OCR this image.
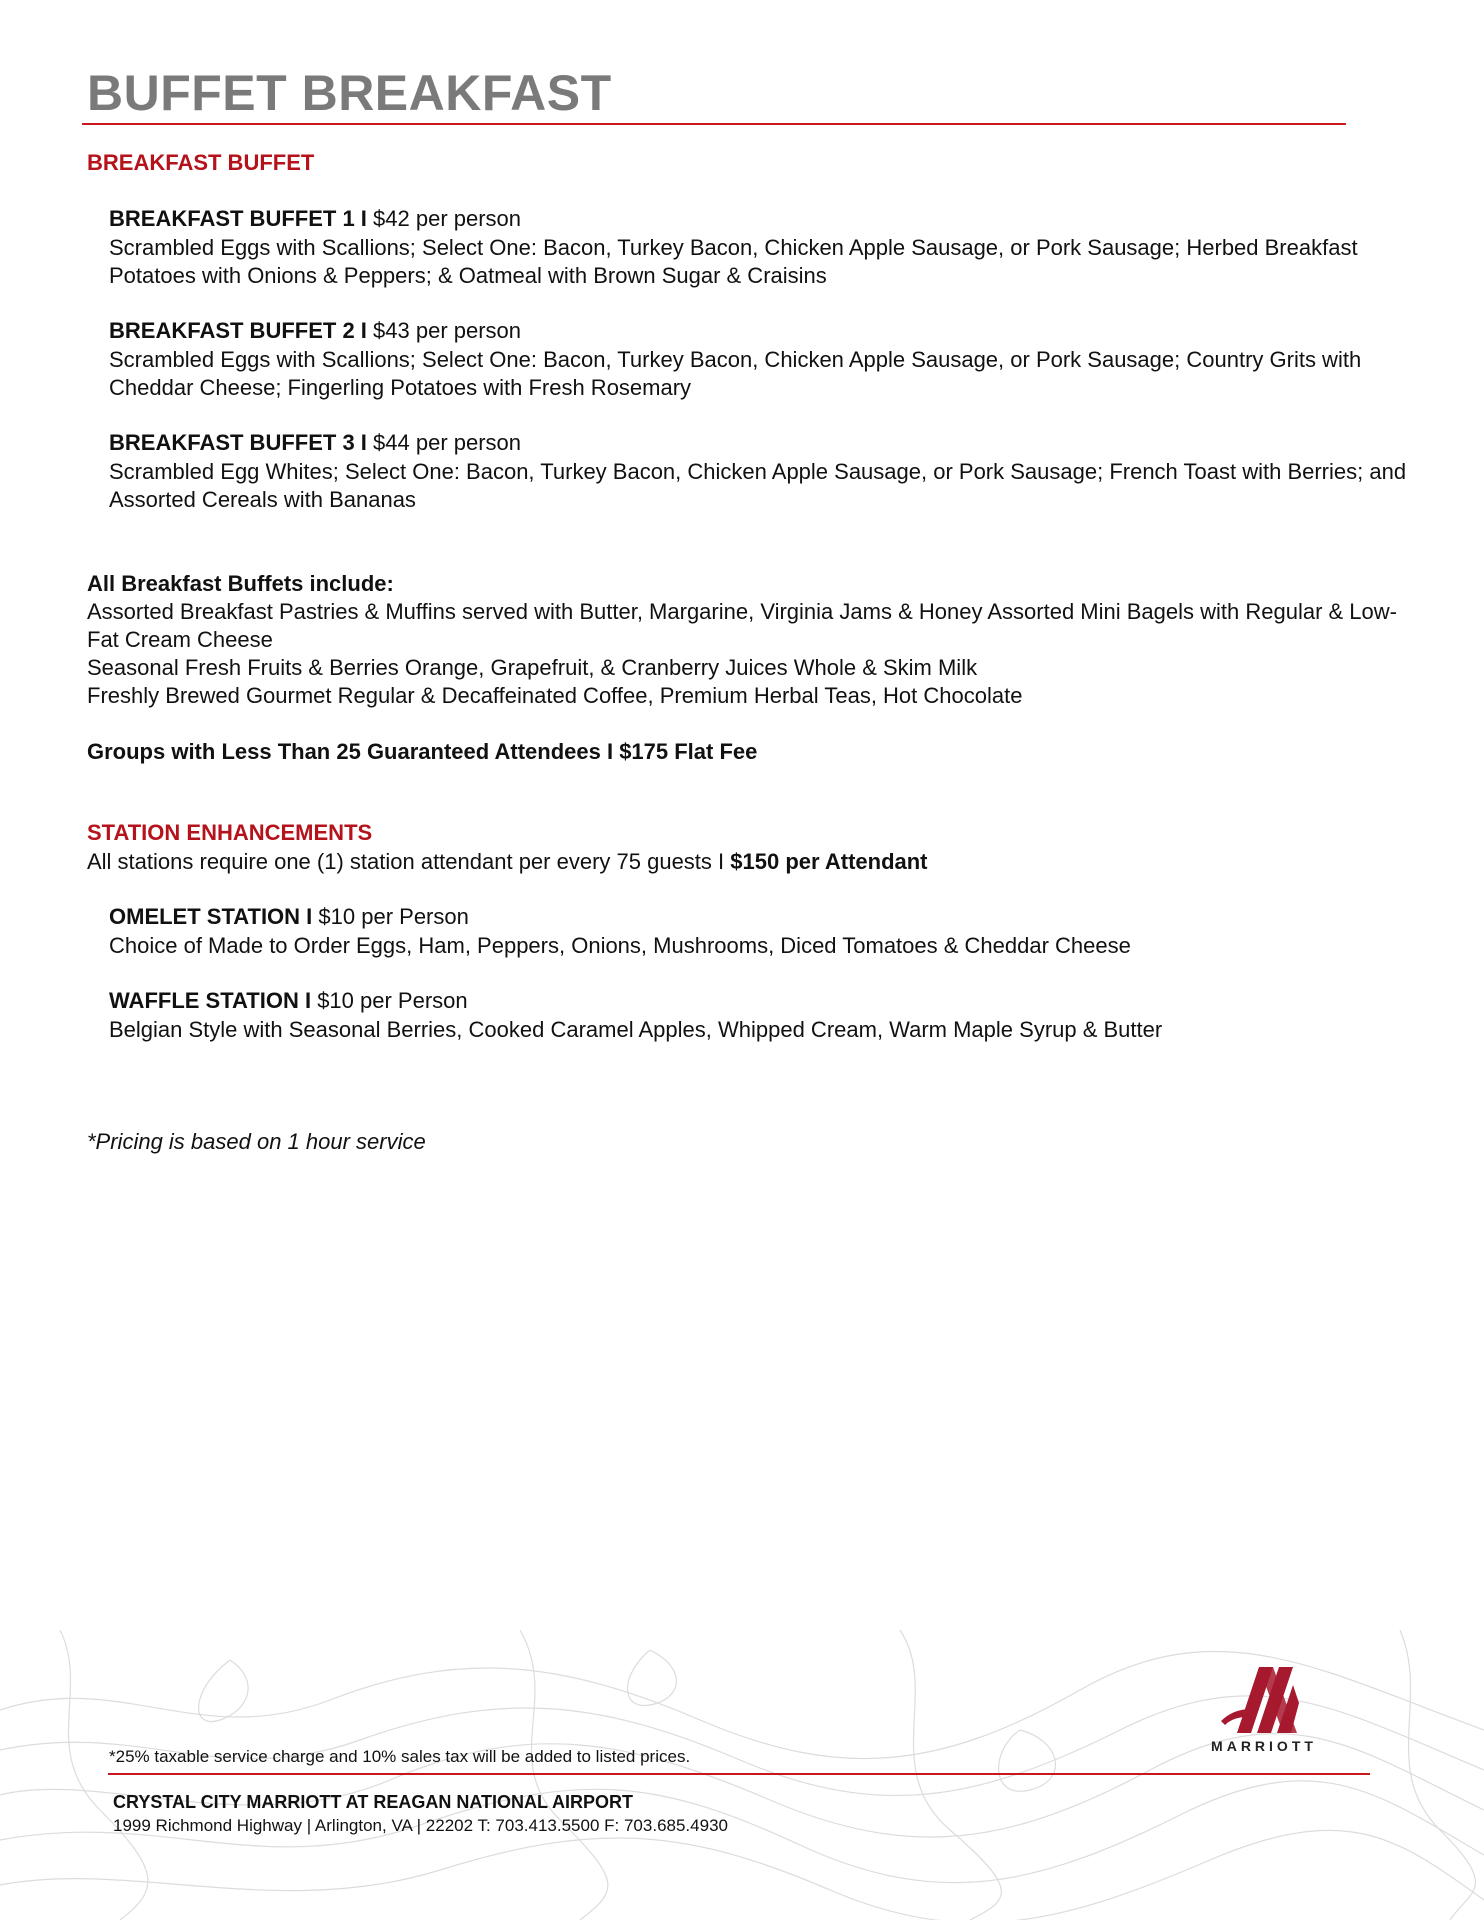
BUFFET BREAKFAST
BREAKFAST BUFFET
BREAKFAST BUFFET 1 I $42 per person
Scrambled Eggs with Scallions; Select One: Bacon, Turkey Bacon, Chicken Apple Sausage, or Pork Sausage; Herbed Breakfast Potatoes with Onions & Peppers; & Oatmeal with Brown Sugar & Craisins
BREAKFAST BUFFET 2 I $43 per person
Scrambled Eggs with Scallions; Select One: Bacon, Turkey Bacon, Chicken Apple Sausage, or Pork Sausage; Country Grits with Cheddar Cheese; Fingerling Potatoes with Fresh Rosemary
BREAKFAST BUFFET 3 I $44 per person
Scrambled Egg Whites; Select One: Bacon, Turkey Bacon, Chicken Apple Sausage, or Pork Sausage; French Toast with Berries; and Assorted Cereals with Bananas
All Breakfast Buffets include:
Assorted Breakfast Pastries & Muffins served with Butter, Margarine, Virginia Jams & Honey Assorted Mini Bagels with Regular & Low-Fat Cream Cheese
Seasonal Fresh Fruits & Berries Orange, Grapefruit, & Cranberry Juices Whole & Skim Milk
Freshly Brewed Gourmet Regular & Decaffeinated Coffee, Premium Herbal Teas, Hot Chocolate
Groups with Less Than 25 Guaranteed Attendees I $175 Flat Fee
STATION ENHANCEMENTS
All stations require one (1) station attendant per every 75 guests I $150 per Attendant
OMELET STATION I $10 per Person
Choice of Made to Order Eggs, Ham, Peppers, Onions, Mushrooms, Diced Tomatoes & Cheddar Cheese
WAFFLE STATION I $10 per Person
Belgian Style with Seasonal Berries, Cooked Caramel Apples, Whipped Cream, Warm Maple Syrup & Butter
*Pricing is based on 1 hour service
MARRIOTT
*25% taxable service charge and 10% sales tax will be added to listed prices.
CRYSTAL CITY MARRIOTT AT REAGAN NATIONAL AIRPORT
1999 Richmond Highway | Arlington, VA | 22202 T: 703.413.5500 F: 703.685.4930
